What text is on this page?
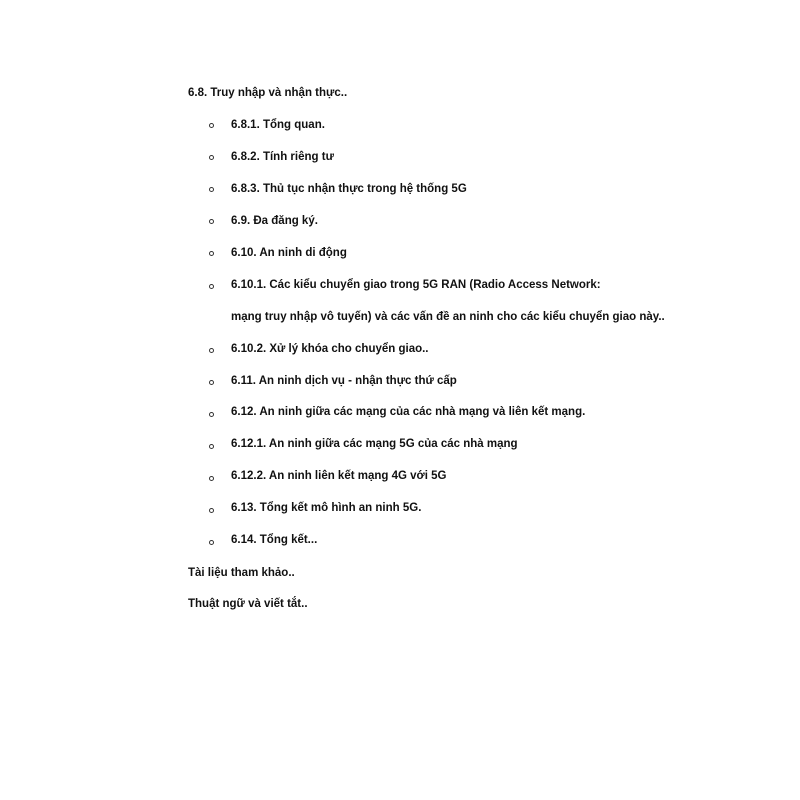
6.8. Truy nhập và nhận thực..
6.8.1. Tổng quan.
6.8.2. Tính riêng tư
6.8.3. Thủ tục nhận thực trong hệ thống 5G
6.9. Đa đăng ký.
6.10. An ninh di động
6.10.1. Các kiểu chuyển giao trong 5G RAN (Radio Access Network:
mạng truy nhập vô tuyến) và các vấn đề an ninh cho các kiểu chuyển giao này..
6.10.2. Xử lý khóa cho chuyển giao..
6.11. An ninh dịch vụ - nhận thực thứ cấp
6.12. An ninh giữa các mạng của các nhà mạng và liên kết mạng.
6.12.1. An ninh giữa các mạng 5G của các nhà mạng
6.12.2. An ninh liên kết mạng 4G với 5G
6.13. Tổng kết mô hình an ninh 5G.
6.14. Tổng kết...
Tài liệu tham khảo..
Thuật ngữ và viết tắt..
